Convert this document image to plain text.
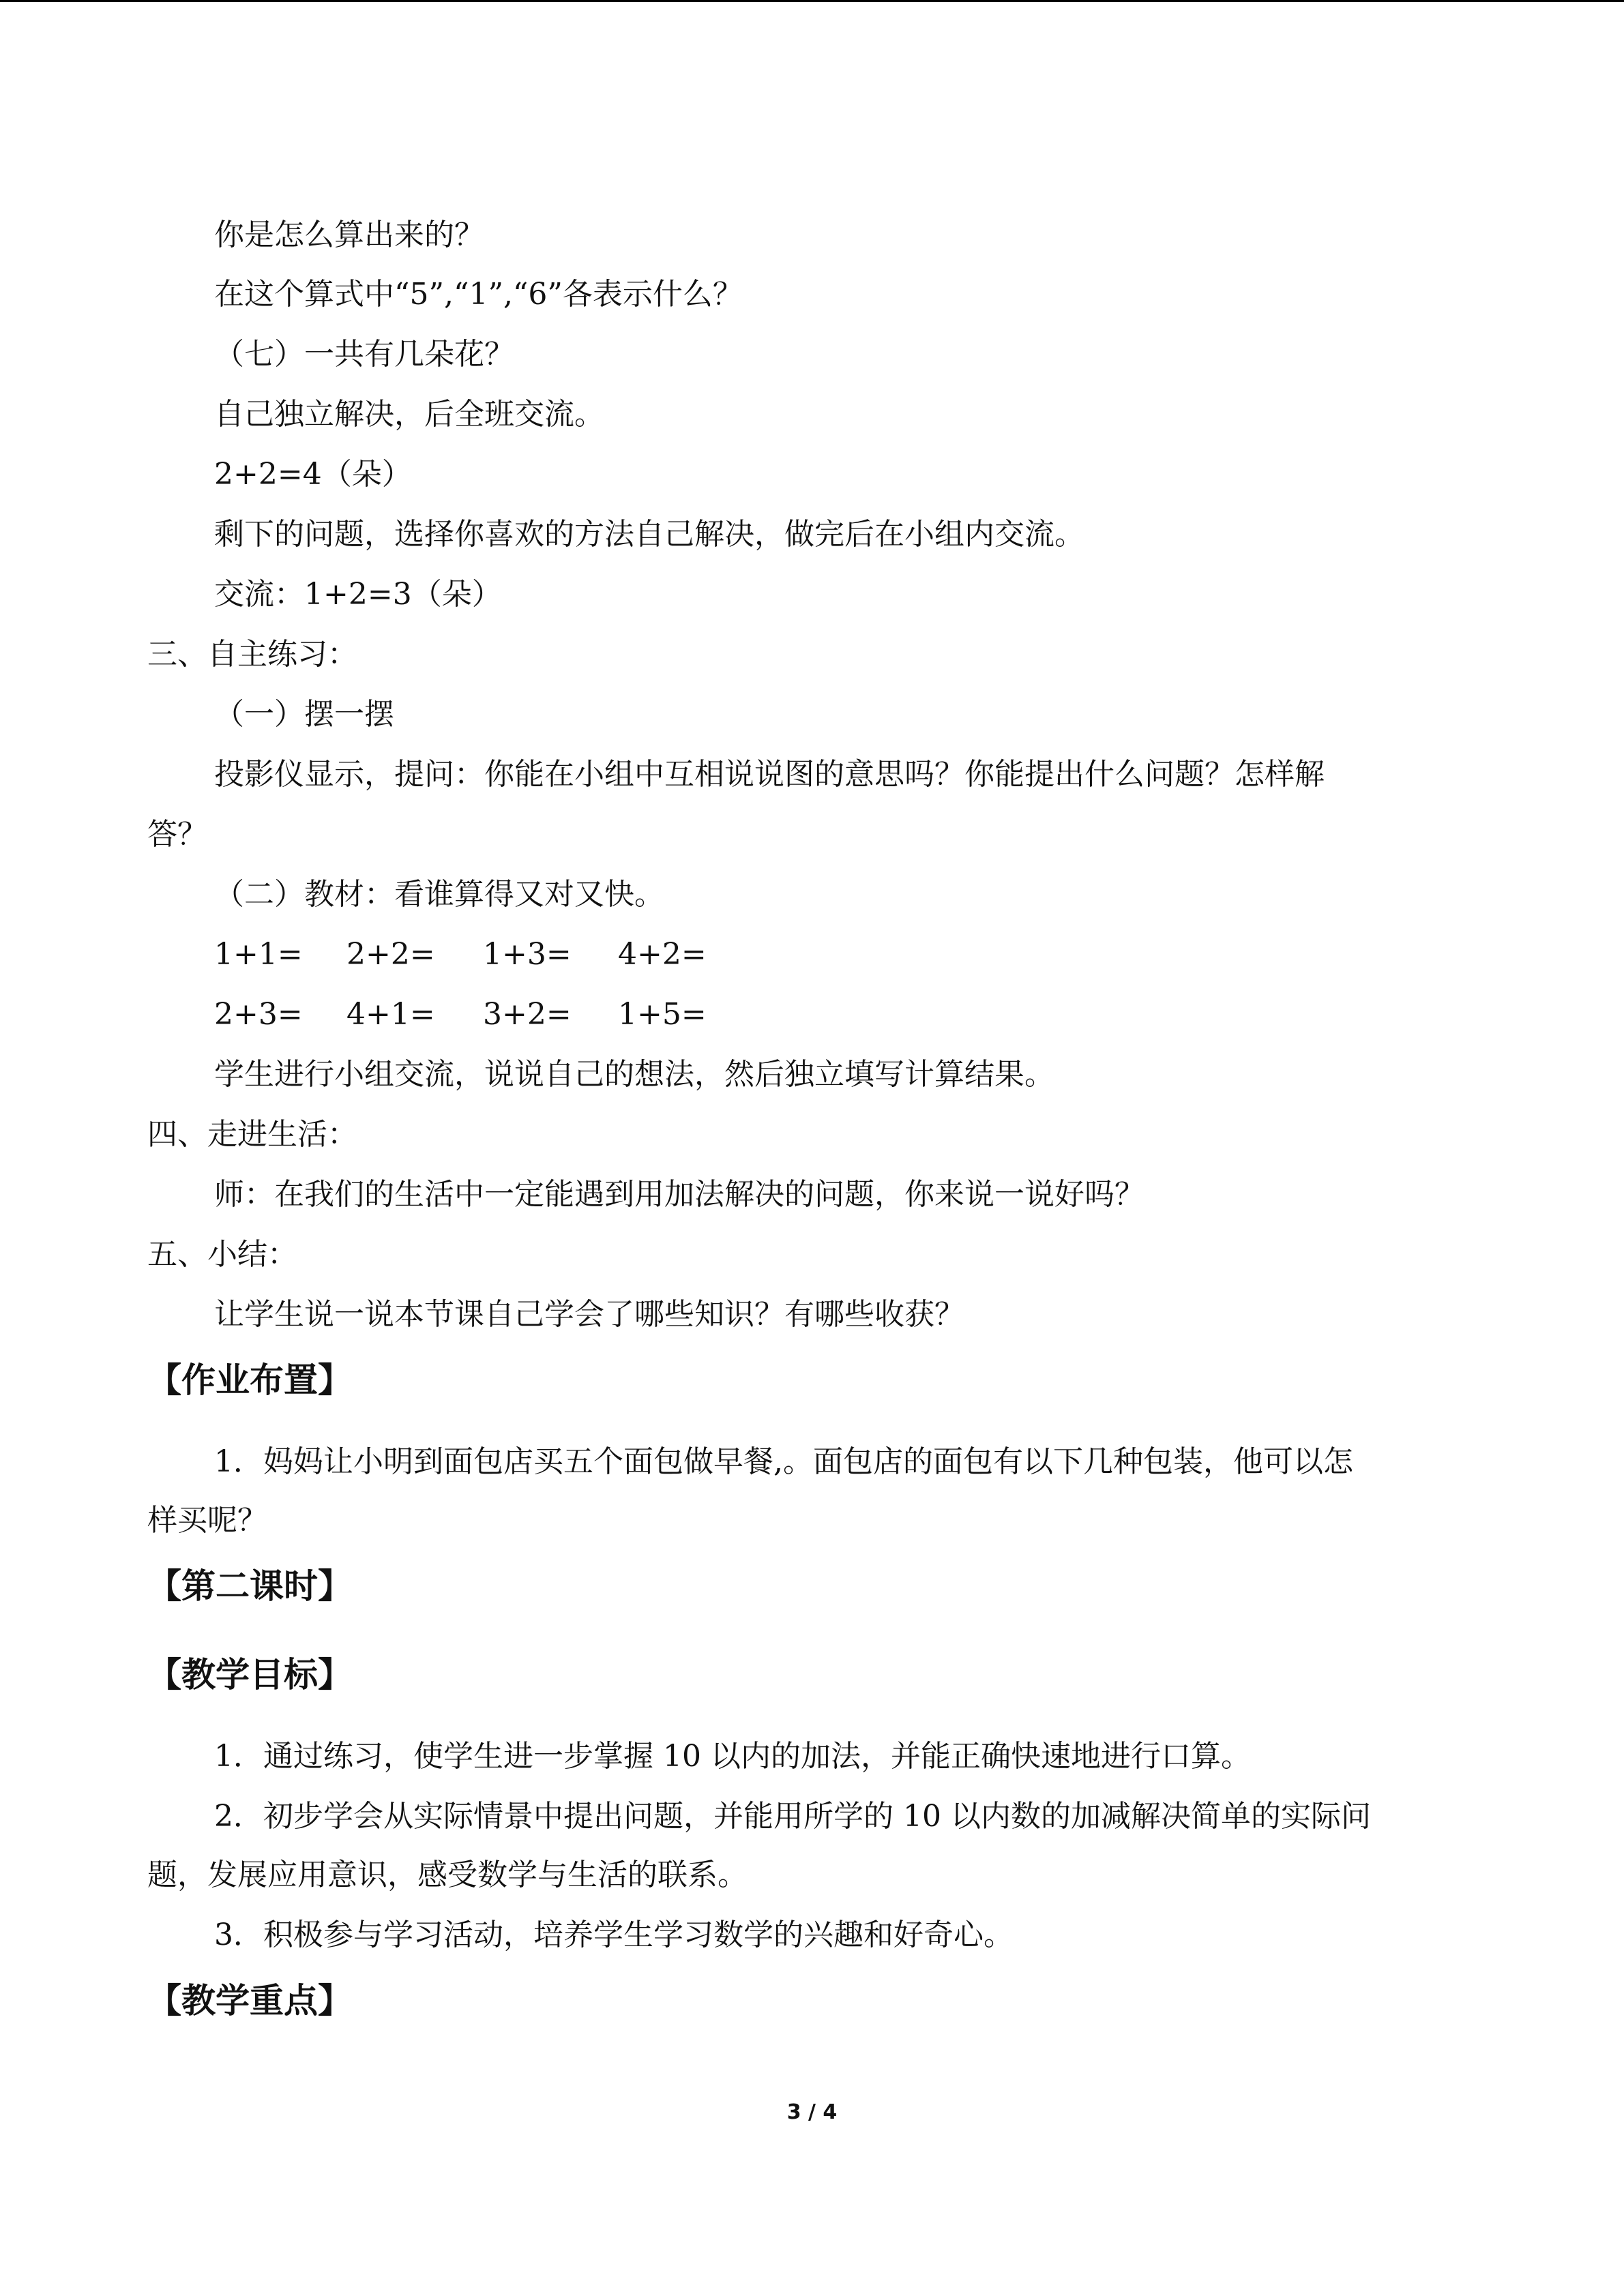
你是怎么算出来的？
在这个算式中“5”,“1”,“6”各表示什么？
（七）一共有几朵花？
自己独立解决，后全班交流。
2+2=4（朵）
剩下的问题，选择你喜欢的方法自己解决，做完后在小组内交流。
交流：1+2=3（朵）
三、自主练习：
（一）摆一摆
投影仪显示，提问：你能在小组中互相说说图的意思吗？你能提出什么问题？怎样解
答？
（二）教材：看谁算得又对又快。
1+1= 2+2= 1+3= 4+2=
2+3= 4+1= 3+2= 1+5=
学生进行小组交流，说说自己的想法，然后独立填写计算结果。
四、走进生活：
师：在我们的生活中一定能遇到用加法解决的问题，你来说一说好吗？
五、小结：
让学生说一说本节课自己学会了哪些知识？有哪些收获？
【作业布置】
1．妈妈让小明到面包店买五个面包做早餐,。面包店的面包有以下几种包装，他可以怎
样买呢？
【第二课时】
【教学目标】
1．通过练习，使学生进一步掌握 10 以内的加法，并能正确快速地进行口算。
2．初步学会从实际情景中提出问题，并能用所学的 10 以内数的加减解决简单的实际问
题，发展应用意识，感受数学与生活的联系。
3．积极参与学习活动，培养学生学习数学的兴趣和好奇心。
【教学重点】
3 / 4
